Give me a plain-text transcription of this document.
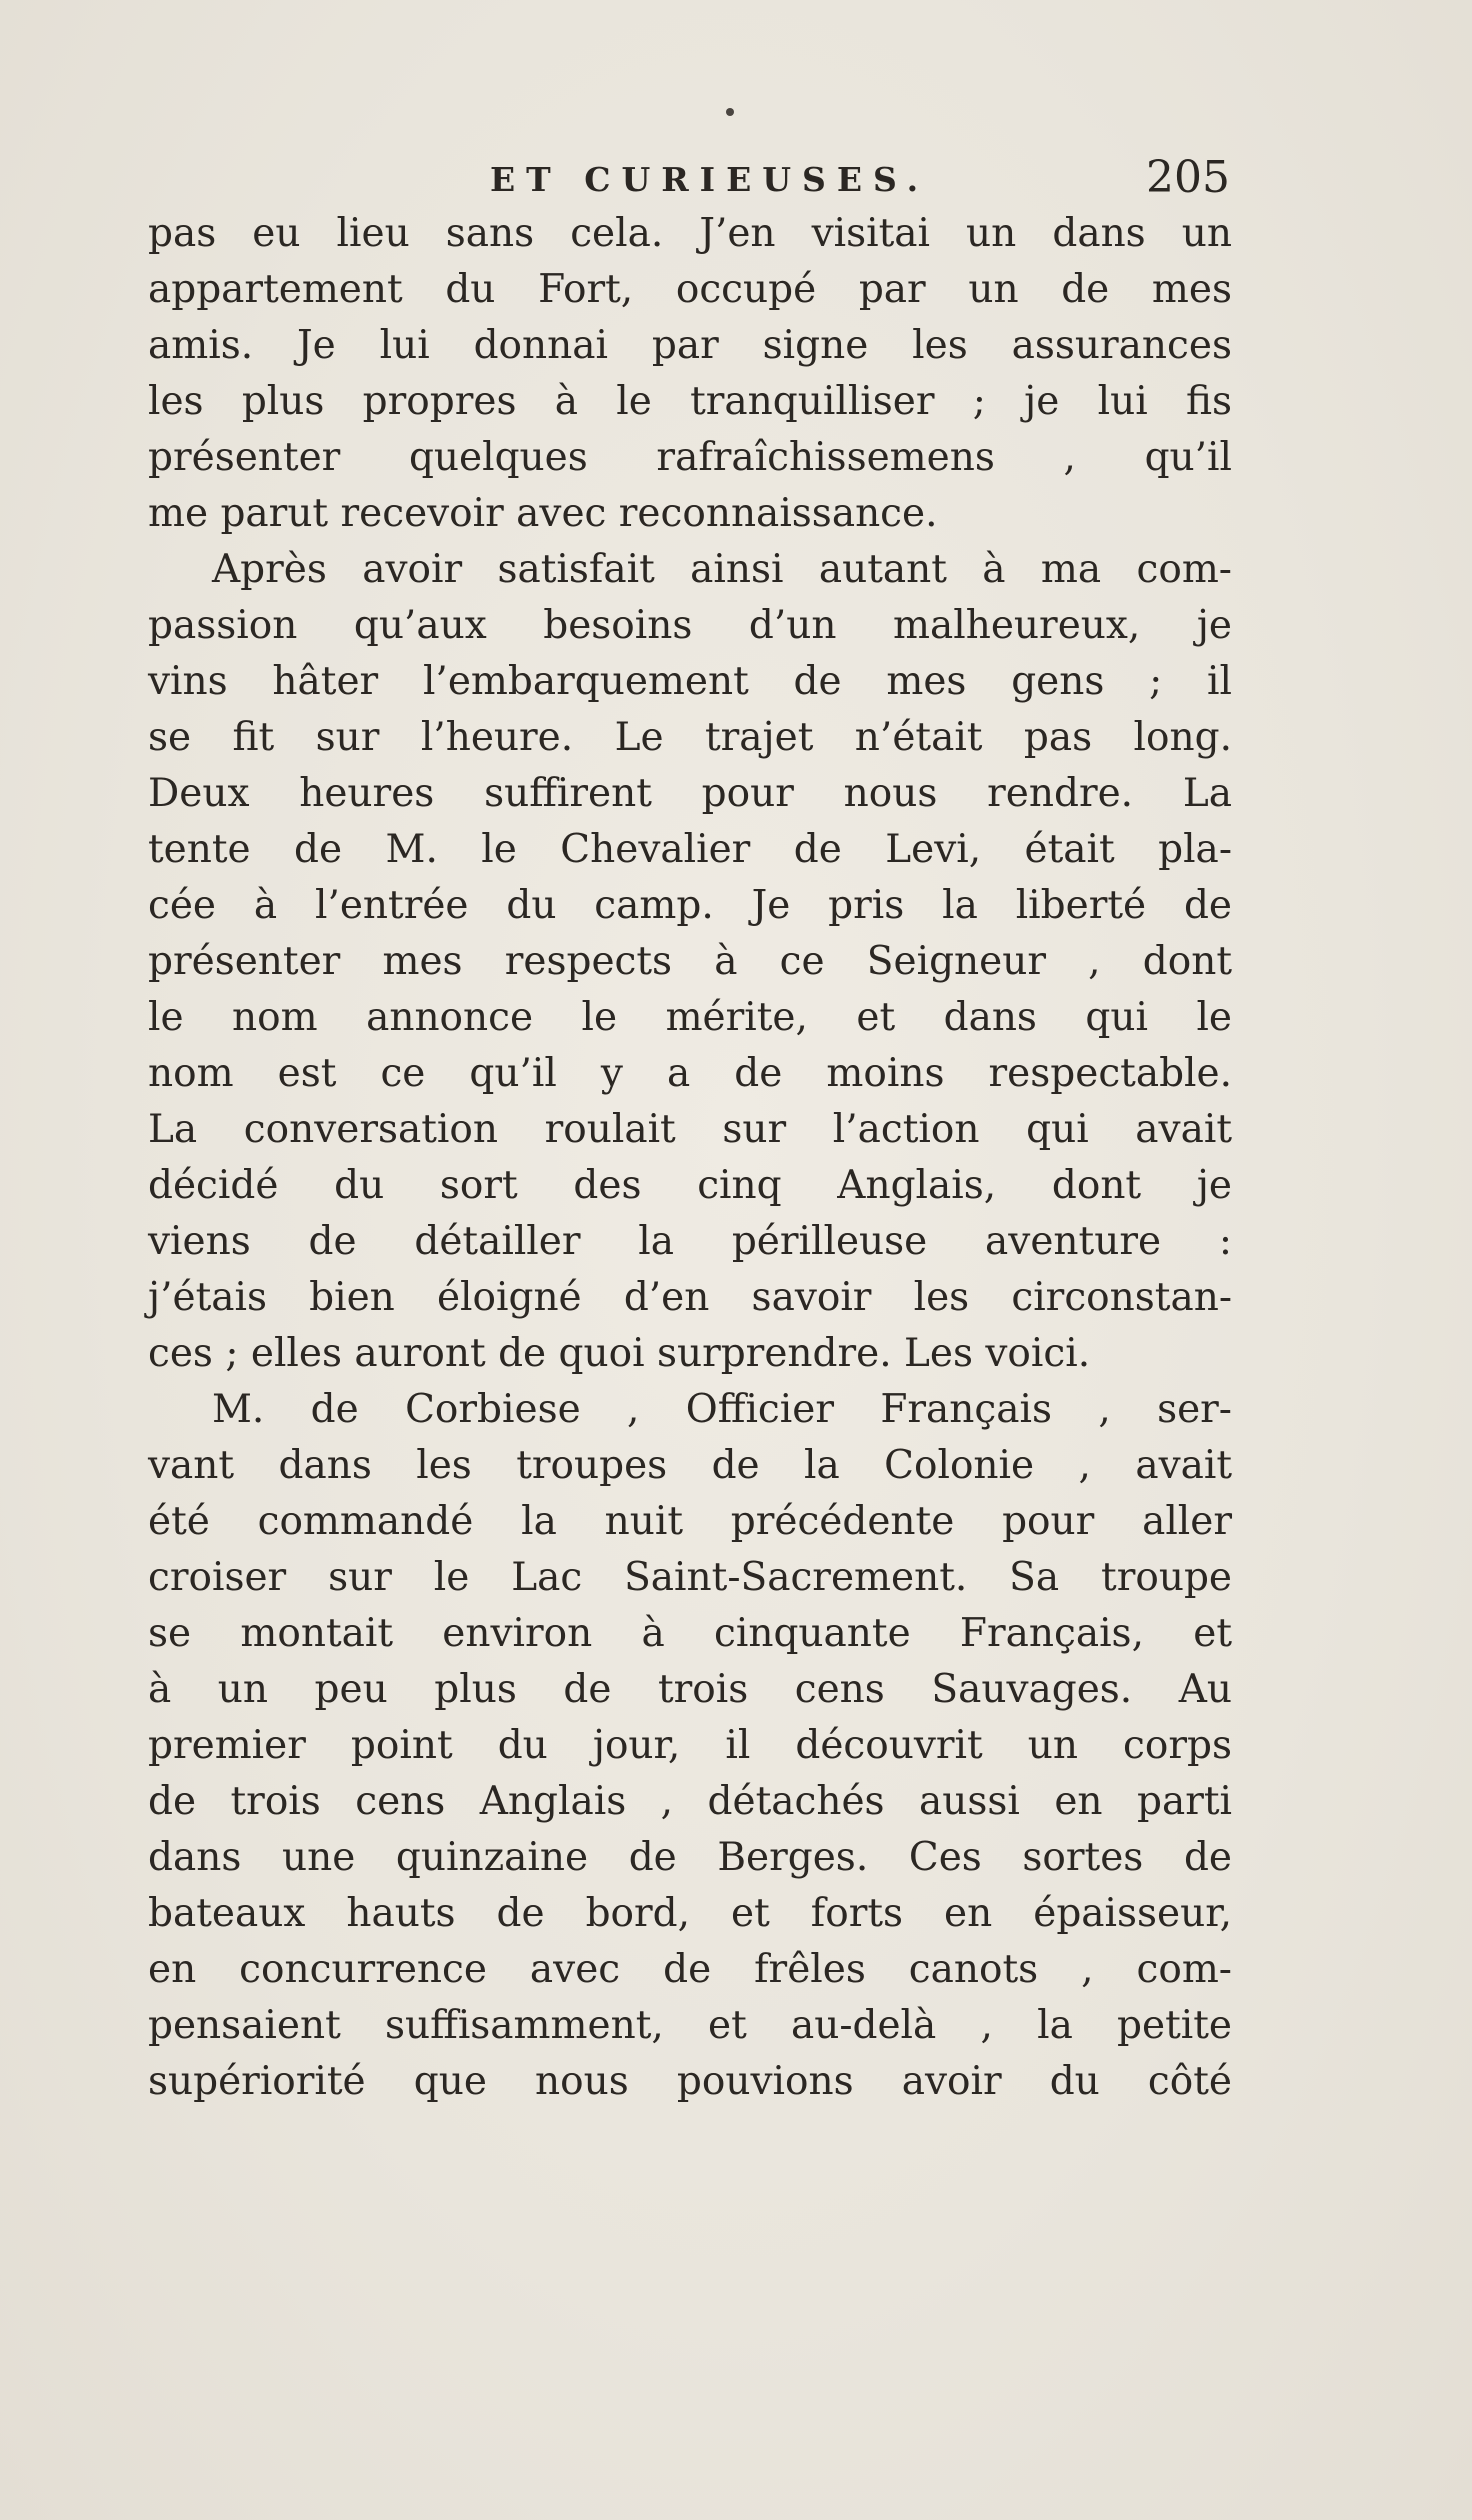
ET CURIEUSES.	205
pas eu lieu sans cela. J’en visitai un dans un
appartement du Fort, occupé par un de mes
amis. Je lui donnai par signe les assurances
les plus propres à le tranquilliser ; je lui fis
présenter quelques rafraîchissemens , qu’il
me parut recevoir avec reconnaissance.
Après avoir satisfait ainsi autant à ma com-
passion qu’aux besoins d’un malheureux, je
vins hâter l’embarquement de mes gens ; il
se fit sur l’heure. Le trajet n’était pas long.
Deux heures suffirent pour nous rendre. La
tente de M. le Chevalier de Levi, était pla-
cée à l’entrée du camp. Je pris la liberté de
présenter mes respects à ce Seigneur , dont
le nom annonce le mérite, et dans qui le
nom est ce qu’il y a de moins respectable.
La conversation roulait sur l’action qui avait
décidé du sort des cinq Anglais, dont je
viens de détailler la périlleuse aventure :
j’étais bien éloigné d’en savoir les circonstan-
ces ; elles auront de quoi surprendre. Les voici.
M. de Corbiese , Officier Français , ser-
vant dans les troupes de la Colonie , avait
été commandé la nuit précédente pour aller
croiser sur le Lac Saint-Sacrement. Sa troupe
se montait environ à cinquante Français, et
à un peu plus de trois cens Sauvages. Au
premier point du jour, il découvrit un corps
de trois cens Anglais , détachés aussi en parti
dans une quinzaine de Berges. Ces sortes de
bateaux hauts de bord, et forts en épaisseur,
en concurrence avec de frêles canots , com-
pensaient suffisamment, et au-delà , la petite
supériorité que nous pouvions avoir du côté
